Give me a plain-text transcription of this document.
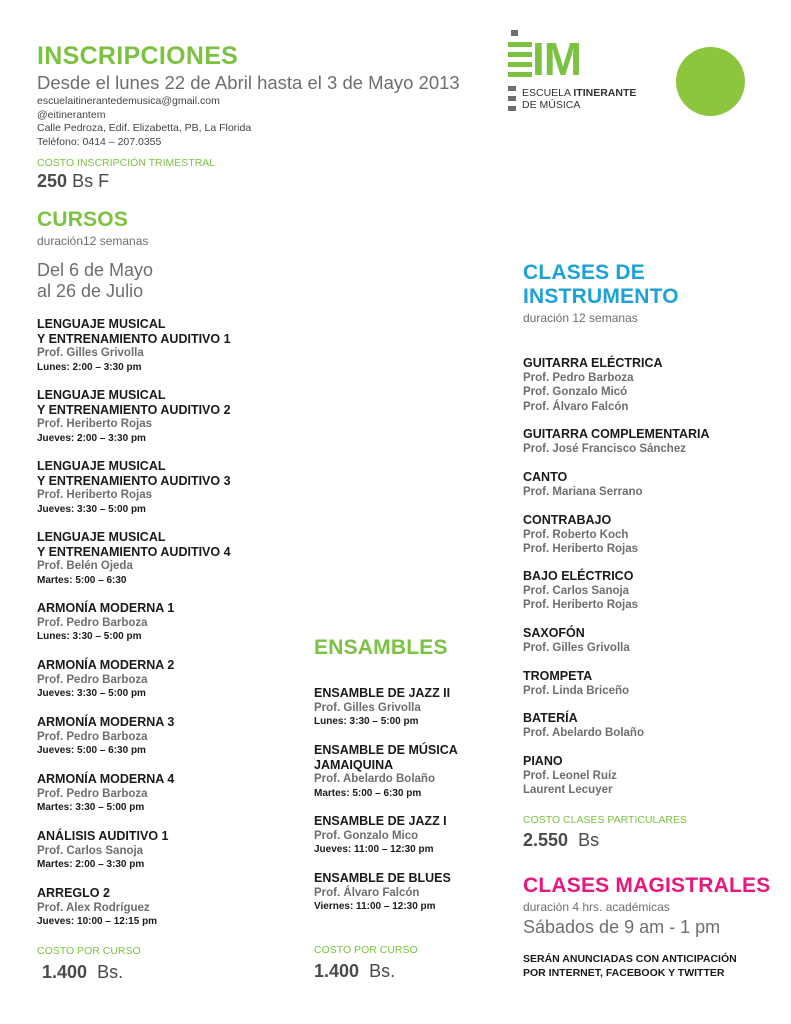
INSCRIPCIONES
Desde el lunes 22 de Abril hasta el 3 de Mayo 2013
escuelaitinerantedemusica@gmail.com
@eitinerantem
Calle Pedroza, Edif. Elizabetta, PB, La Florida
Teléfono: 0414 – 207.0355
COSTO INSCRIPCIÓN TRIMESTRAL
250 Bs F
IM
ESCUELA ITINERANTE
DE MÚSICA
CURSOS
duración12 semanas
Del 6 de Mayo
al 26 de Julio
LENGUAJE MUSICAL
Y ENTRENAMIENTO AUDITIVO 1
Prof. Gilles Grivolla
Lunes: 2:00 – 3:30 pm
LENGUAJE MUSICAL
Y ENTRENAMIENTO AUDITIVO 2
Prof. Heriberto Rojas
Jueves: 2:00 – 3:30 pm
LENGUAJE MUSICAL
Y ENTRENAMIENTO AUDITIVO 3
Prof. Heriberto Rojas
Jueves: 3:30 – 5:00 pm
LENGUAJE MUSICAL
Y ENTRENAMIENTO AUDITIVO 4
Prof. Belén Ojeda
Martes: 5:00 – 6:30
ARMONÍA MODERNA 1
Prof. Pedro Barboza
Lunes: 3:30 – 5:00 pm
ARMONÍA MODERNA 2
Prof. Pedro Barboza
Jueves: 3:30 – 5:00 pm
ARMONÍA MODERNA 3
Prof. Pedro Barboza
Jueves: 5:00 – 6:30 pm
ARMONÍA MODERNA 4
Prof. Pedro Barboza
Martes: 3:30 – 5:00 pm
ANÁLISIS AUDITIVO 1
Prof. Carlos Sanoja
Martes: 2:00 – 3:30 pm
ARREGLO 2
Prof. Alex Rodríguez
Jueves: 10:00 – 12:15 pm
COSTO POR CURSO
1.400 Bs.
ENSAMBLES
ENSAMBLE DE JAZZ II
Prof. Gilles Grivolla
Lunes: 3:30 – 5:00 pm
ENSAMBLE DE MÚSICA
JAMAIQUINA
Prof. Abelardo Bolaño
Martes: 5:00 – 6:30 pm
ENSAMBLE DE JAZZ I
Prof. Gonzalo Mico
Jueves: 11:00 – 12:30 pm
ENSAMBLE DE BLUES
Prof. Álvaro Falcón
Viernes: 11:00 – 12:30 pm
COSTO POR CURSO
1.400 Bs.
CLASES DE
INSTRUMENTO
duración 12 semanas
GUITARRA ELÉCTRICA
Prof. Pedro Barboza
Prof. Gonzalo Micó
Prof. Álvaro Falcón
GUITARRA COMPLEMENTARIA
Prof. José Francisco Sánchez
CANTO
Prof. Mariana Serrano
CONTRABAJO
Prof. Roberto Koch
Prof. Heriberto Rojas
BAJO ELÉCTRICO
Prof. Carlos Sanoja
Prof. Heriberto Rojas
SAXOFÓN
Prof. Gilles Grivolla
TROMPETA
Prof. Linda Briceño
BATERÍA
Prof. Abelardo Bolaño
PIANO
Prof. Leonel Ruíz
Laurent Lecuyer
COSTO CLASES PARTICULARES
2.550 Bs
CLASES MAGISTRALES
duración 4 hrs. académicas
Sábados de 9 am - 1 pm
SERÁN ANUNCIADAS CON ANTICIPACIÓN
POR INTERNET, FACEBOOK Y TWITTER
